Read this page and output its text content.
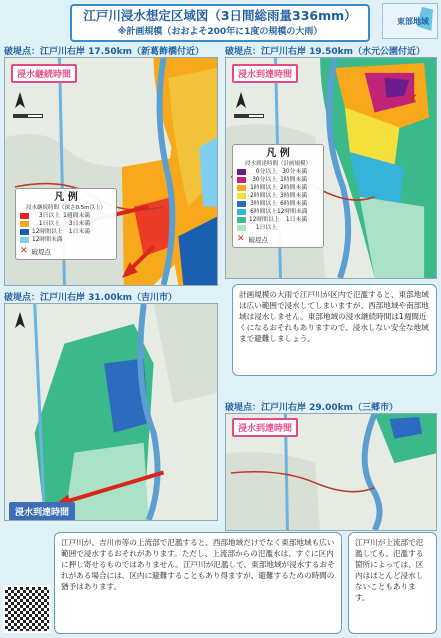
江戸川浸水想定区域図（3日間総雨量336mm）
※計画規模（おおよそ200年に1度の規模の大雨）
東部地域
破堤点：江戸川右岸 17.50km（新葛飾橋付近）
浸水継続時間
凡 例
浸水継続時間（深さ0.5m以上）
3日以上 1週間未満
1日以上	3日未満
12時間以上	1日未満
12時間未満
✕ 破堤点
破堤点：江戸川右岸 19.50km（水元公園付近）
✕
浸水到達時間
凡 例
浸水到達時間（計画規模）
0分以上 30分未満
30分以上 1時間未満
1時間以上 2時間未満
2時間以上 3時間未満
3時間以上 6時間未満
6時間以上 12時間未満
12時間以上	1日未満
1日以上
✕ 破堤点
計画規模の大雨で江戸川が区内で氾濫すると、東部地域は広い範囲で浸水してしまいますが、西部地域や南部地域は浸水しません。東部地域の浸水継続時間は1週間近くになるおそれもありますので、浸水しない安全な地域まで避難しましょう。
破堤点：江戸川右岸 31.00km（吉川市）
浸水到達時間
破堤点：江戸川右岸 29.00km（三郷市）
浸水到達時間
江戸川が、吉川市等の上流部で氾濫すると、西部地域だけでなく東部地域も広い範囲で浸水するおそれがあります。ただし、上流部からの氾濫水は、すぐに区内に押し寄せるものではありません。江戸川が氾濫して、東部地域が浸水するおそれがある場合には、区内に避難することもあり得ますが、避難するための時間の猶予はあります。
江戸川が上流部で氾濫しても、氾濫する箇所によっては、区内はほとんど浸水しないこともあります。
